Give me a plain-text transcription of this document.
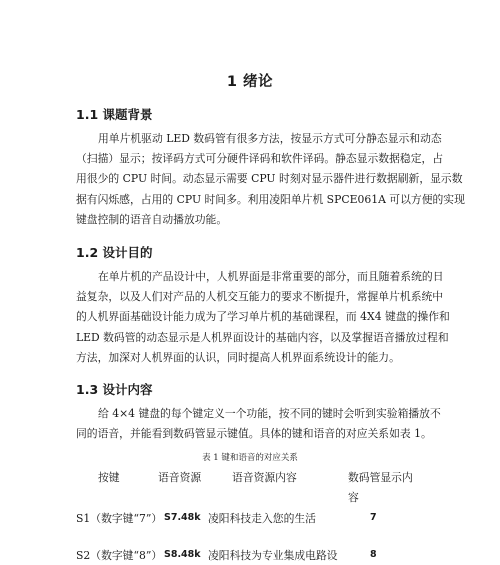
1 绪论
1.1 课题背景
用单片机驱动 LED 数码管有很多方法，按显示方式可分静态显示和动态
（扫描）显示；按译码方式可分硬件译码和软件译码。静态显示数据稳定，占
用很少的 CPU 时间。动态显示需要 CPU 时刻对显示器件进行数据刷新，显示数
据有闪烁感，占用的 CPU 时间多。利用凌阳单片机 SPCE061A 可以方便的实现
键盘控制的语音自动播放功能。
1.2 设计目的
在单片机的产品设计中，人机界面是非常重要的部分，而且随着系统的日
益复杂，以及人们对产品的人机交互能力的要求不断提升，常握单片机系统中
的人机界面基础设计能力成为了学习单片机的基础课程，而 4X4 键盘的操作和
LED 数码管的动态显示是人机界面设计的基础内容，以及掌握语音播放过程和
方法，加深对人机界面的认识，同时提高人机界面系统设计的能力。
1.3 设计内容
给 4×4 键盘的每个键定义一个功能，按不同的键时会听到实验箱播放不
同的语音，并能看到数码管显示键值。具体的键和语音的对应关系如表 1。
表 1 键和语音的对应关系
按键	语音资源	语音资源内容	数码管显示内
容
S1（数字键“7”） S7.48k 凌阳科技走入您的生活	7
S2（数字键“8”） S8.48k 凌阳科技为专业集成电路设	8
